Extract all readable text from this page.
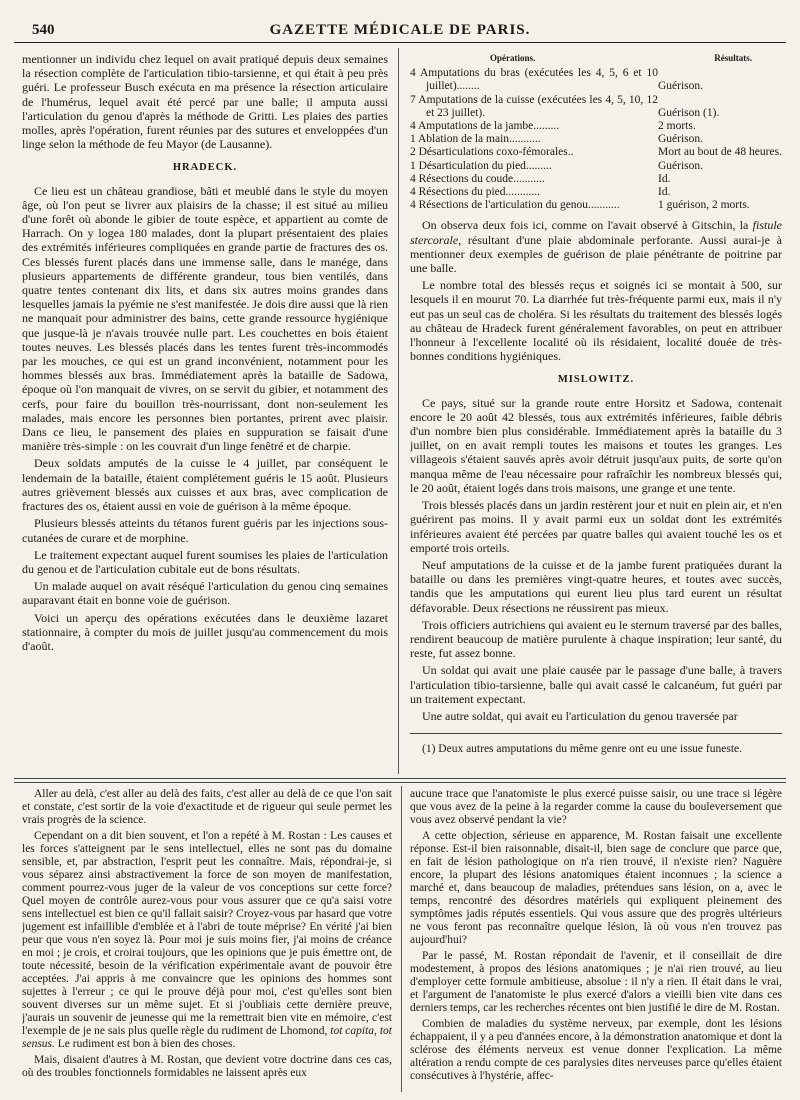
540	GAZETTE MÉDICALE DE PARIS.

mentionner un individu chez lequel on avait pratiqué depuis deux semaines la résection complète de l'articulation tibio-tarsienne, et qui était à peu près guéri. Le professeur Busch exécuta en ma présence la résection articulaire de l'humérus, lequel avait été percé par une balle; il amputa aussi l'articulation du genou d'après la méthode de Gritti. Les plaies des parties molles, après l'opération, furent réunies par des sutures et enveloppées d'un linge selon la méthode de feu Mayor (de Lausanne).

HRADECK.

Ce lieu est un château grandiose, bâti et meublé dans le style du moyen âge, où l'on peut se livrer aux plaisirs de la chasse; il est situé au milieu d'une forêt où abonde le gibier de toute espèce, et appartient au comte de Harrach. On y logea 180 malades, dont la plupart présentaient des plaies des extrémités inférieures compliquées en grande partie de fractures des os. Ces blessés furent placés dans une immense salle, dans le manége, dans plusieurs appartements de différente grandeur, tous bien ventilés, dans quatre tentes contenant dix lits, et dans six autres moins grandes dans lesquelles jamais la pyémie ne s'est manifestée. Je dois dire aussi que là rien ne manquait pour administrer des bains, cette grande ressource hygiénique que jusque-là je n'avais trouvée nulle part. Les couchettes en bois étaient toutes neuves. Les blessés placés dans les tentes furent très-incommodés par les mouches, ce qui est un grand inconvénient, notamment pour les hommes blessés aux bras. Immédiatement après la bataille de Sadowa, époque où l'on manquait de vivres, on se servit du gibier, et notamment des cerfs, pour faire du bouillon très-nourrissant, dont non-seulement les malades, mais encore les personnes bien portantes, prirent avec plaisir. Dans ce lieu, le pansement des plaies en suppuration se faisait d'une manière très-simple : on les couvrait d'un linge fenêtré et de charpie.

Deux soldats amputés de la cuisse le 4 juillet, par conséquent le lendemain de la bataille, étaient complétement guéris le 15 août. Plusieurs autres grièvement blessés aux cuisses et aux bras, avec complication de fractures des os, étaient aussi en voie de guérison à la même époque.

Plusieurs blessés atteints du tétanos furent guéris par les injections sous-cutanées de curare et de morphine.

Le traitement expectant auquel furent soumises les plaies de l'articulation du genou et de l'articulation cubitale eut de bons résultats.

Un malade auquel on avait réséqué l'articulation du genou cinq semaines auparavant était en bonne voie de guérison.

Voici un aperçu des opérations exécutées dans le deuxième lazaret stationnaire, à compter du mois de juillet jusqu'au commencement du mois d'août.

Opérations.	Résultats.
4 Amputations du bras (exécutées les 4, 5, 6 et 10 juillet)........	Guérison.
7 Amputations de la cuisse (exécutées les 4, 5, 10, 12 et 23 juillet).	Guérison (1).
4 Amputations de la jambe.........	2 morts.
1 Ablation de la main...........	Guérison.
2 Désarticulations coxo-fémorales..	Mort au bout de 48 heures.
1 Désarticulation du pied.........	Guérison.
4 Résections du coude...........	Id.
4 Résections du pied............	Id.
4 Résections de l'articulation du genou...........	1 guérison, 2 morts.

On observa deux fois ici, comme on l'avait observé à Gitschin, la fistule stercorale, résultant d'une plaie abdominale perforante. Aussi aurai-je à mentionner deux exemples de guérison de plaie pénétrante de poitrine par une balle.

Le nombre total des blessés reçus et soignés ici se montait à 500, sur lesquels il en mourut 70. La diarrhée fut très-fréquente parmi eux, mais il n'y eut pas un seul cas de choléra. Si les résultats du traitement des blessés logés au château de Hradeck furent généralement favorables, on peut en attribuer l'honneur à l'excellente localité où ils résidaient, localité douée de très-bonnes conditions hygiéniques.

MISLOWITZ.

Ce pays, situé sur la grande route entre Horsitz et Sadowa, contenait encore le 20 août 42 blessés, tous aux extrémités inférieures, faible débris d'un nombre bien plus considérable. Immédiatement après la bataille du 3 juillet, on en avait rempli toutes les maisons et toutes les granges. Les villageois s'étaient sauvés après avoir détruit jusqu'aux puits, de sorte qu'on manqua même de l'eau nécessaire pour rafraîchir les nombreux blessés qui, le 20 août, étaient logés dans trois maisons, une grange et une tente.

Trois blessés placés dans un jardin restèrent jour et nuit en plein air, et n'en guérirent pas moins. Il y avait parmi eux un soldat dont les extrémités inférieures avaient été percées par quatre balles qui avaient touché les os et emporté trois orteils.

Neuf amputations de la cuisse et de la jambe furent pratiquées durant la bataille ou dans les premières vingt-quatre heures, et toutes avec succès, tandis que les amputations qui eurent lieu plus tard eurent un résultat défavorable. Deux résections ne réussirent pas mieux.

Trois officiers autrichiens qui avaient eu le sternum traversé par des balles, rendirent beaucoup de matière purulente à chaque inspiration; leur santé, du reste, fut assez bonne.

Un soldat qui avait une plaie causée par le passage d'une balle, à travers l'articulation tibio-tarsienne, balle qui avait cassé le calcanéum, fut guéri par un traitement expectant.

Une autre soldat, qui avait eu l'articulation du genou traversée par

(1) Deux autres amputations du même genre ont eu une issue funeste.

Aller au delà, c'est aller au delà des faits, c'est aller au delà de ce que l'on sait et constate, c'est sortir de la voie d'exactitude et de rigueur qui seule permet les vrais progrès de la science.

Cependant on a dit bien souvent, et l'on a repété à M. Rostan : Les causes et les forces s'atteignent par le sens intellectuel, elles ne sont pas du domaine sensible, et, par abstraction, l'esprit peut les connaître. Mais, répondrai-je, si vous séparez ainsi abstractivement la force de son moyen de manifestation, comment pourrez-vous juger de la valeur de vos conceptions sur cette force? Quel moyen de contrôle aurez-vous pour vous assurer que ce qu'a saisi votre sens intellectuel est bien ce qu'il fallait saisir? Croyez-vous par hasard que votre jugement est infaillible d'emblée et à l'abri de toute méprise? En vérité j'ai bien peur que vous n'en soyez là. Pour moi je suis moins fier, j'ai moins de créance en moi ; je crois, et croirai toujours, que les opinions que je puis émettre ont, de toute nécessité, besoin de la vérification expérimentale avant de pouvoir être acceptées. J'ai appris à me convaincre que les opinions des hommes sont sujettes à l'erreur ; ce qui le prouve déjà pour moi, c'est qu'elles sont bien souvent diverses sur un même sujet. Et si j'oubliais cette dernière preuve, j'aurais un souvenir de jeunesse qui me la remettrait bien vite en mémoire, c'est l'exemple de je ne sais plus quelle règle du rudiment de Lhomond, tot capita, tot sensus. Le rudiment est bon à bien des choses.

Mais, disaient d'autres à M. Rostan, que devient votre doctrine dans ces cas, où des troubles fonctionnels formidables ne laissent après eux

aucune trace que l'anatomiste le plus exercé puisse saisir, ou une trace si légère que vous avez de la peine à la regarder comme la cause du bouleversement que vous avez observé pendant la vie?

A cette objection, sérieuse en apparence, M. Rostan faisait une excellente réponse. Est-il bien raisonnable, disait-il, bien sage de conclure que parce que, en fait de lésion pathologique on n'a rien trouvé, il n'existe rien? Naguère encore, la plupart des lésions anatomiques étaient inconnues ; la science a marché et, dans beaucoup de maladies, prétendues sans lésion, on a, avec le temps, rencontré des désordres matériels qui expliquent pleinement des symptômes jadis réputés essentiels. Qui vous assure que des progrès ultérieurs ne vous feront pas reconnaître quelque lésion, là où vous n'en trouvez pas aujourd'hui?

Par le passé, M. Rostan répondait de l'avenir, et il conseillait de dire modestement, à propos des lésions anatomiques ; je n'ai rien trouvé, au lieu d'employer cette formule ambitieuse, absolue : il n'y a rien. Il était dans le vrai, et l'argument de l'anatomiste le plus exercé d'alors a vieilli bien vite dans ces derniers temps, car les recherches récentes ont bien justifié le dire de M. Rostan.

Combien de maladies du système nerveux, par exemple, dont les lésions échappaient, il y a peu d'années encore, à la démonstration anatomique et dont la sclérose des éléments nerveux est venue donner l'explication. La même altération a rendu compte de ces paralysies dites nerveuses parce qu'elles étaient consécutives à l'hystérie, affec-
